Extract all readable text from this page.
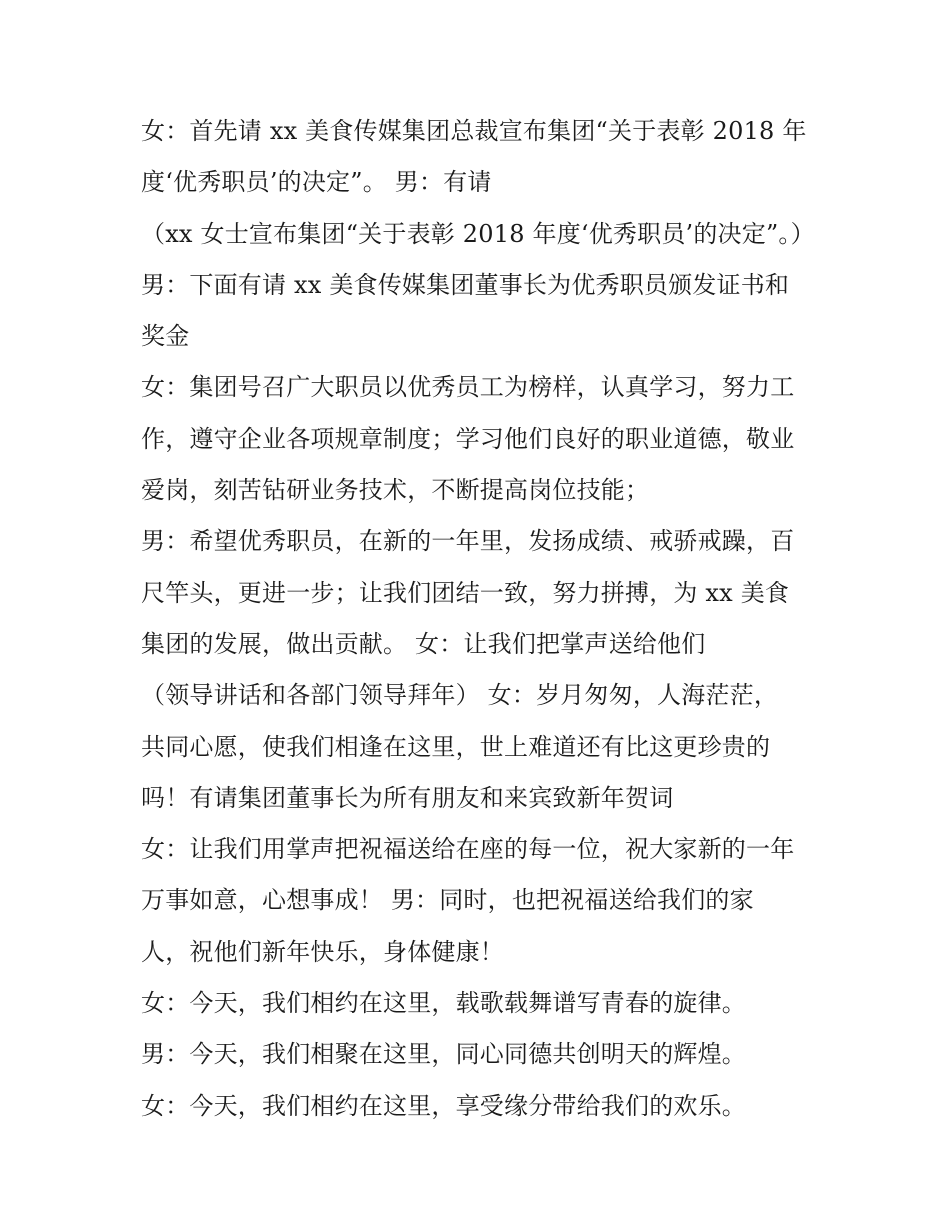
女：首先请 xx 美食传媒集团总裁宣布集团“关于表彰 2018 年
度‘优秀职员’的决定”。 男：有请
（xx 女士宣布集团“关于表彰 2018 年度‘优秀职员’的决定”。）
男：下面有请 xx 美食传媒集团董事长为优秀职员颁发证书和
奖金
女：集团号召广大职员以优秀员工为榜样，认真学习，努力工
作，遵守企业各项规章制度；学习他们良好的职业道德，敬业
爱岗，刻苦钻研业务技术，不断提高岗位技能；
男：希望优秀职员，在新的一年里，发扬成绩、戒骄戒躁，百
尺竿头，更进一步；让我们团结一致，努力拼搏，为 xx 美食
集团的发展，做出贡献。 女：让我们把掌声送给他们
（领导讲话和各部门领导拜年） 女：岁月匆匆，人海茫茫，
共同心愿，使我们相逢在这里，世上难道还有比这更珍贵的
吗！有请集团董事长为所有朋友和来宾致新年贺词
女：让我们用掌声把祝福送给在座的每一位，祝大家新的一年
万事如意，心想事成！ 男：同时，也把祝福送给我们的家
人，祝他们新年快乐，身体健康！
女：今天，我们相约在这里，载歌载舞谱写青春的旋律。
男：今天，我们相聚在这里，同心同德共创明天的辉煌。
女：今天，我们相约在这里，享受缘分带给我们的欢乐。
